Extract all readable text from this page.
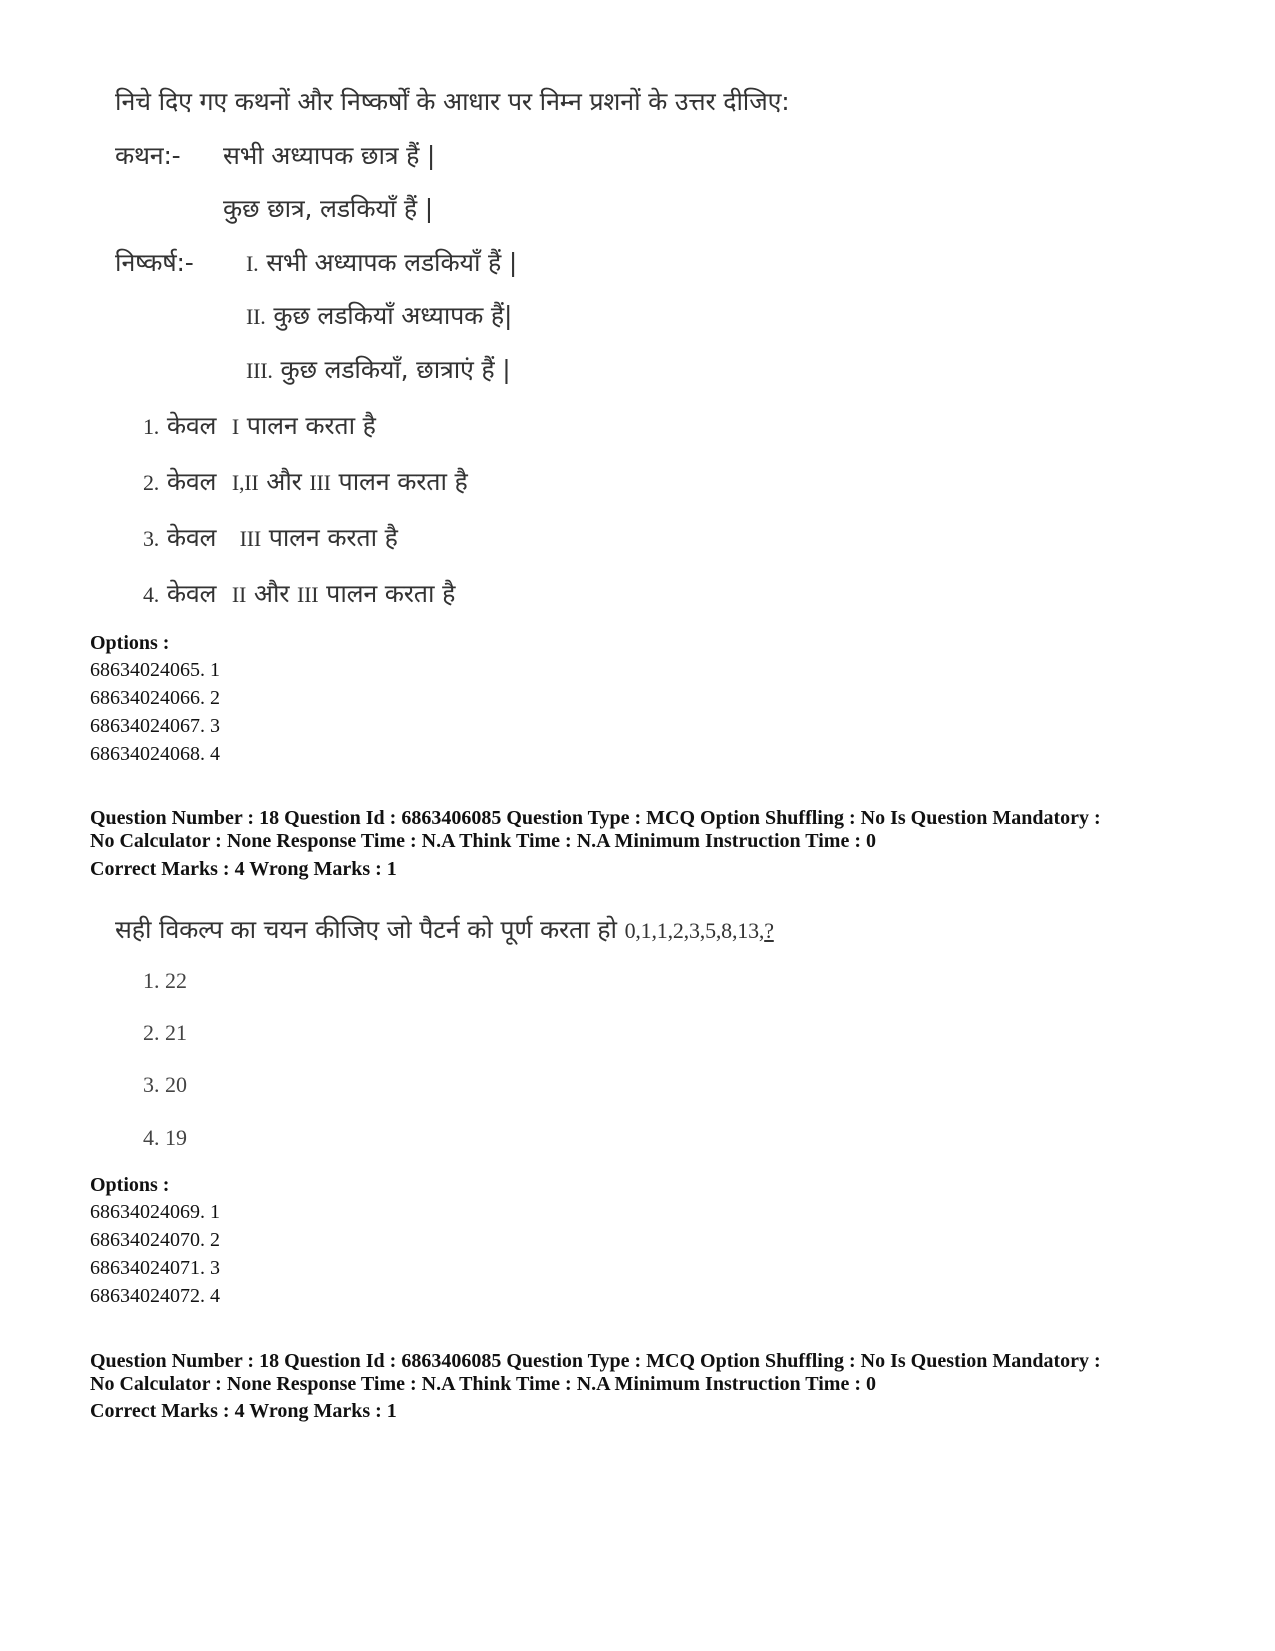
निचे दिए गए कथनों और निष्कर्षों के आधार पर निम्न प्रशनों के उत्तर दीजिए:
कथन:- सभी अध्यापक छात्र हैं |
कुछ छात्र, लडकियाँ हैं |
निष्कर्ष:- I. सभी अध्यापक लडकियाँ हैं |
II. कुछ लडकियाँ अध्यापक हैं|
III. कुछ लडकियाँ, छात्राएं हैं |
1. केवल I पालन करता है
2. केवल I,II और III पालन करता है
3. केवल III पालन करता है
4. केवल II और III पालन करता है
Options :
68634024065. 1
68634024066. 2
68634024067. 3
68634024068. 4
Question Number : 18 Question Id : 6863406085 Question Type : MCQ Option Shuffling : No Is Question Mandatory :
No Calculator : None Response Time : N.A Think Time : N.A Minimum Instruction Time : 0
Correct Marks : 4 Wrong Marks : 1
सही विकल्प का चयन कीजिए जो पैटर्न को पूर्ण करता हो 0,1,1,2,3,5,8,13,?
1. 22
2. 21
3. 20
4. 19
Options :
68634024069. 1
68634024070. 2
68634024071. 3
68634024072. 4
Question Number : 18 Question Id : 6863406085 Question Type : MCQ Option Shuffling : No Is Question Mandatory :
No Calculator : None Response Time : N.A Think Time : N.A Minimum Instruction Time : 0
Correct Marks : 4 Wrong Marks : 1
